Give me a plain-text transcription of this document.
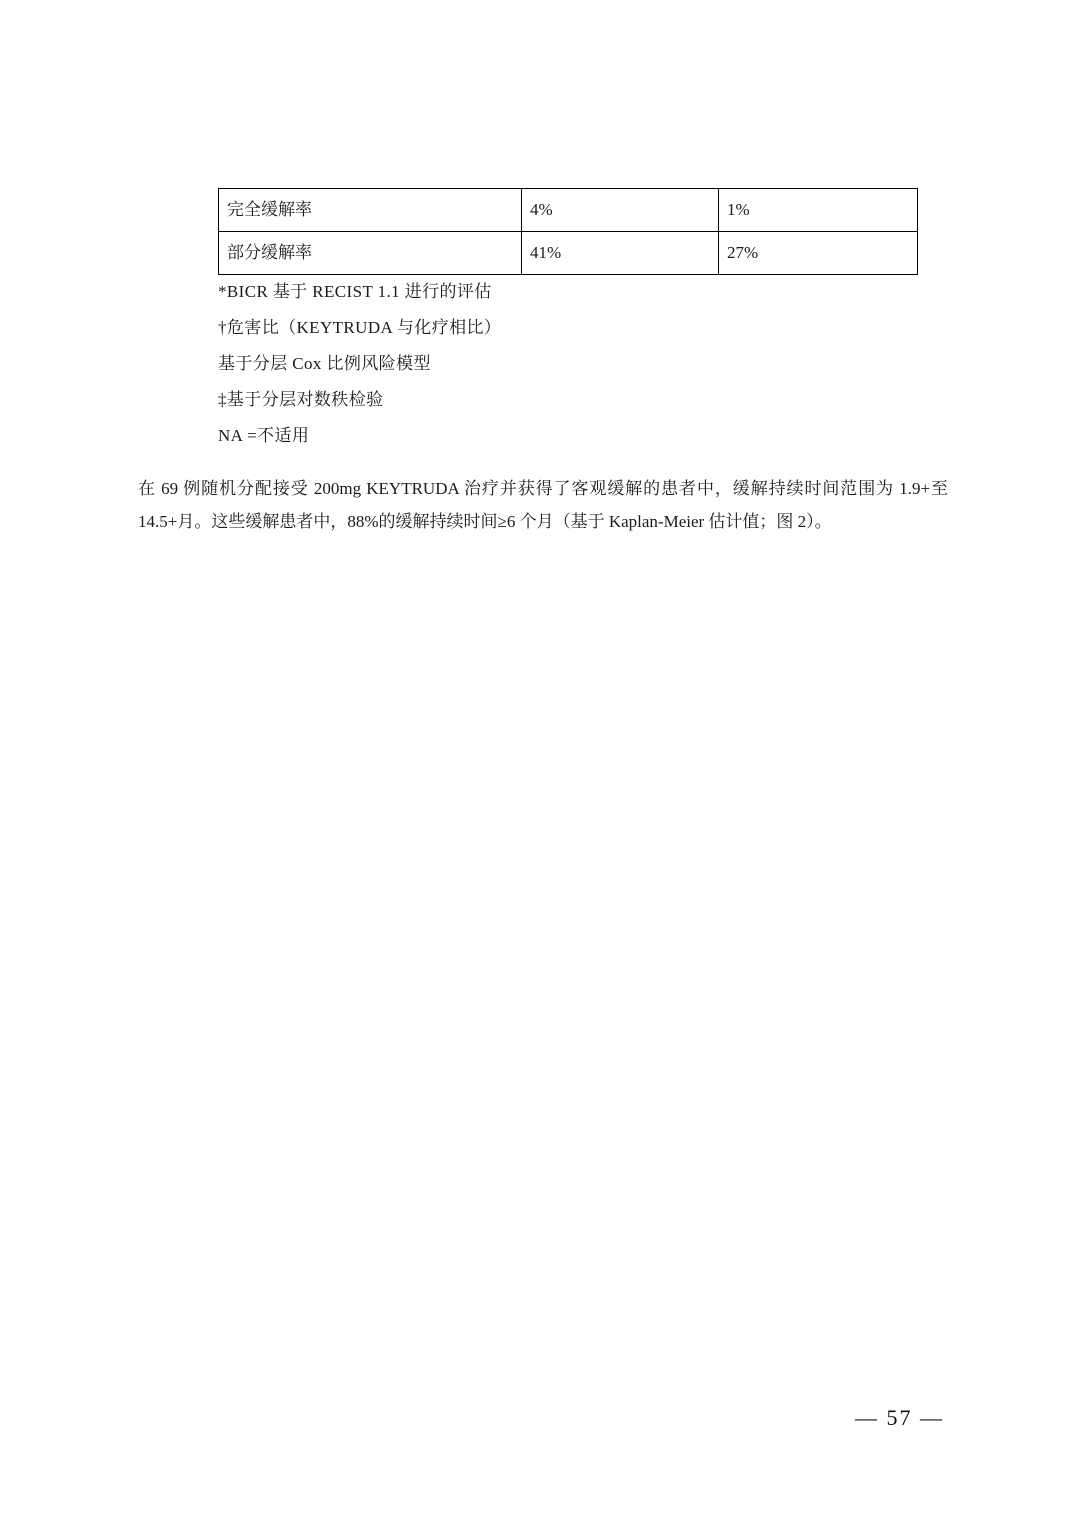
完全缓解率	4%	1%
部分缓解率	41%	27%
*BICR 基于 RECIST 1.1 进行的评估
†危害比（KEYTRUDA 与化疗相比）
基于分层 Cox 比例风险模型
‡基于分层对数秩检验
NA =不适用
在 69 例随机分配接受 200mg KEYTRUDA 治疗并获得了客观缓解的患者中，缓解持续时间范围为 1.9+至 14.5+月。这些缓解患者中，88%的缓解持续时间≥6 个月（基于 Kaplan-Meier 估计值；图 2）。
— 57 —
